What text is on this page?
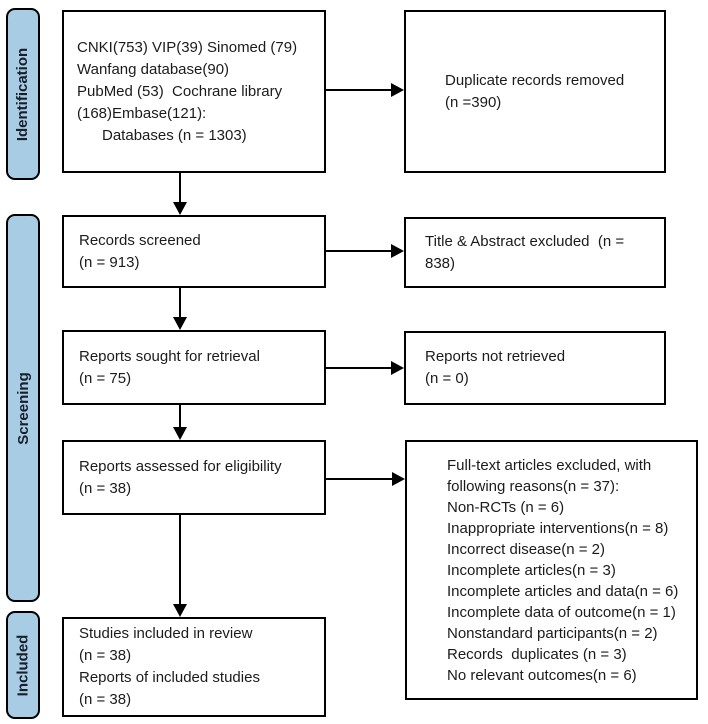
Identification
Screening
Included
CNKI(753) VIP(39) Sinomed (79)
Wanfang database(90)
PubMed (53)  Cochrane library
(168)Embase(121):
Databases (n = 1303)
Records screened
(n = 913)
Reports sought for retrieval
(n = 75)
Reports assessed for eligibility
(n = 38)
Studies included in review
(n = 38)
Reports of included studies
(n = 38)
Duplicate records removed
(n =390)
Title & Abstract excluded  (n =
838)
Reports not retrieved
(n = 0)
Full-text articles excluded, with
following reasons(n = 37):
Non-RCTs (n = 6)
Inappropriate interventions(n = 8)
Incorrect disease(n = 2)
Incomplete articles(n = 3)
Incomplete articles and data(n = 6)
Incomplete data of outcome(n = 1)
Nonstandard participants(n = 2)
Records  duplicates (n = 3)
No relevant outcomes(n = 6)
